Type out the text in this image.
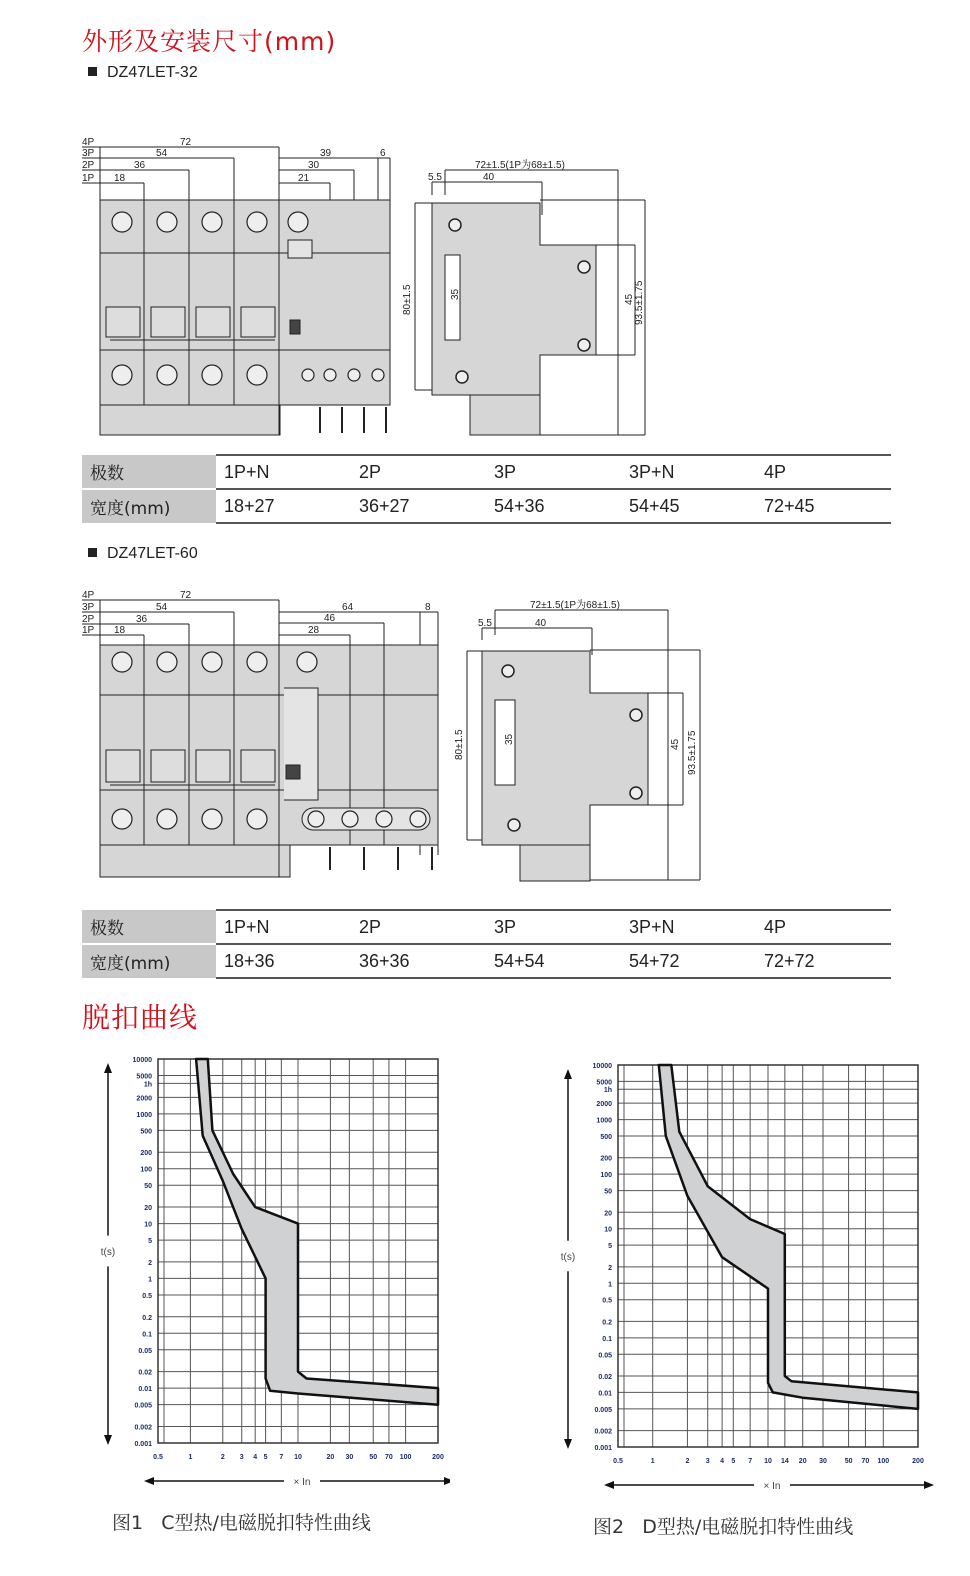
外形及安装尺寸(mm)
DZ47LET-32
4P
3P
2P
1P
72
54
36
18
39
30
21
6
72±1.5(1P为68±1.5)
5.5	40
80±1.5	35	45 93.5±1.75
极数	1P+N	2P	3P	3P+N	4P
宽度(mm)	18+27	36+27	54+36	54+45	72+45
DZ47LET-60
4P
3P
2P
1P
72
54
36
18
64
46
28
8	72±1.5(1P为68±1.5)
5.5	40
80±1.5	35	45 93.5±1.75
极数	1P+N	2P	3P	3P+N	4P
宽度(mm)	18+36	36+36	54+54	54+72	72+72
脱扣曲线
10000
5000
1h
2000
1000
500
200
100
50
20
10
5
2
1
0.5
0.2
0.1
0.05
0.02
0.01
0.005
0.002
0.001
0.5	1	2 3 4 5 7 10	20 30 50 70 100	200
t(s)
× In
图1 C型热/电磁脱扣特性曲线
10000
5000
1h
2000
1000
500
200
100
50
20
10
5
2
1
0.5
0.2
0.1
0.05
0.02
0.01
0.005
0.002
0.001
0.5	1	2 3 4 5 7 10 14 20 30	50 70 100	200
t(s)
× In
图2 D型热/电磁脱扣特性曲线
